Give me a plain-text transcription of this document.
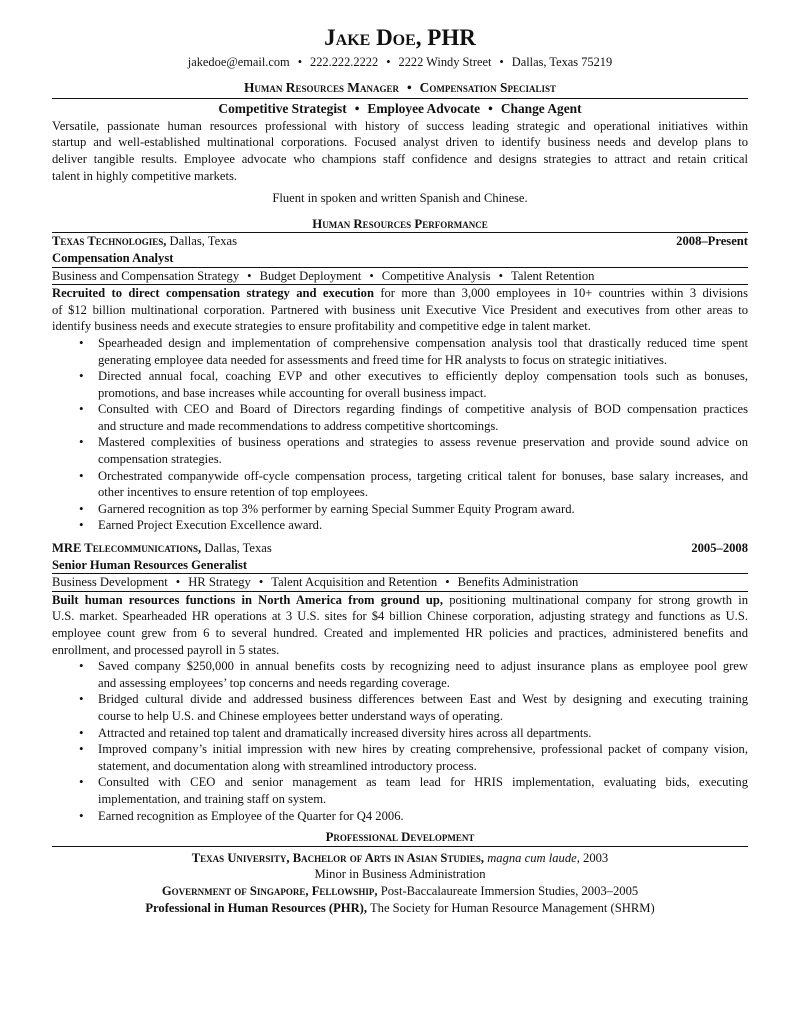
Jake Doe, PHR
jakedoe@email.com • 222.222.2222 • 2222 Windy Street • Dallas, Texas 75219
Human Resources Manager • Compensation Specialist
Competitive Strategist • Employee Advocate • Change Agent
Versatile, passionate human resources professional with history of success leading strategic and operational initiatives within
startup and well-established multinational corporations. Focused analyst driven to identify business needs and develop plans to
deliver tangible results. Employee advocate who champions staff confidence and designs strategies to attract and retain critical
talent in highly competitive markets.
Fluent in spoken and written Spanish and Chinese.
Human Resources Performance
Texas Technologies, Dallas, Texas	2008–Present
Compensation Analyst
Business and Compensation Strategy • Budget Deployment • Competitive Analysis • Talent Retention
Recruited to direct compensation strategy and execution for more than 3,000 employees in 10+ countries within 3 divisions
of $12 billion multinational corporation. Partnered with business unit Executive Vice President and executives from other areas to
identify business needs and execute strategies to ensure profitability and competitive edge in talent market.
• Spearheaded design and implementation of comprehensive compensation analysis tool that drastically reduced time spent
generating employee data needed for assessments and freed time for HR analysts to focus on strategic initiatives.
• Directed annual focal, coaching EVP and other executives to efficiently deploy compensation tools such as bonuses,
promotions, and base increases while accounting for overall business impact.
• Consulted with CEO and Board of Directors regarding findings of competitive analysis of BOD compensation practices
and structure and made recommendations to address competitive shortcomings.
• Mastered complexities of business operations and strategies to assess revenue preservation and provide sound advice on
compensation strategies.
• Orchestrated companywide off-cycle compensation process, targeting critical talent for bonuses, base salary increases, and
other incentives to ensure retention of top employees.
• Garnered recognition as top 3% performer by earning Special Summer Equity Program award.
• Earned Project Execution Excellence award.
MRE Telecommunications, Dallas, Texas	2005–2008
Senior Human Resources Generalist
Business Development • HR Strategy • Talent Acquisition and Retention • Benefits Administration
Built human resources functions in North America from ground up, positioning multinational company for strong growth in
U.S. market. Spearheaded HR operations at 3 U.S. sites for $4 billion Chinese corporation, adjusting strategy and functions as U.S.
employee count grew from 6 to several hundred. Created and implemented HR policies and practices, administered benefits and
enrollment, and processed payroll in 5 states.
• Saved company $250,000 in annual benefits costs by recognizing need to adjust insurance plans as employee pool grew
and assessing employees’ top concerns and needs regarding coverage.
• Bridged cultural divide and addressed business differences between East and West by designing and executing training
course to help U.S. and Chinese employees better understand ways of operating.
• Attracted and retained top talent and dramatically increased diversity hires across all departments.
• Improved company’s initial impression with new hires by creating comprehensive, professional packet of company vision,
statement, and documentation along with streamlined introductory process.
• Consulted with CEO and senior management as team lead for HRIS implementation, evaluating bids, executing
implementation, and training staff on system.
• Earned recognition as Employee of the Quarter for Q4 2006.
Professional Development
Texas University, Bachelor of Arts in Asian Studies, magna cum laude, 2003
Minor in Business Administration
Government of Singapore, Fellowship, Post-Baccalaureate Immersion Studies, 2003–2005
Professional in Human Resources (PHR), The Society for Human Resource Management (SHRM)
